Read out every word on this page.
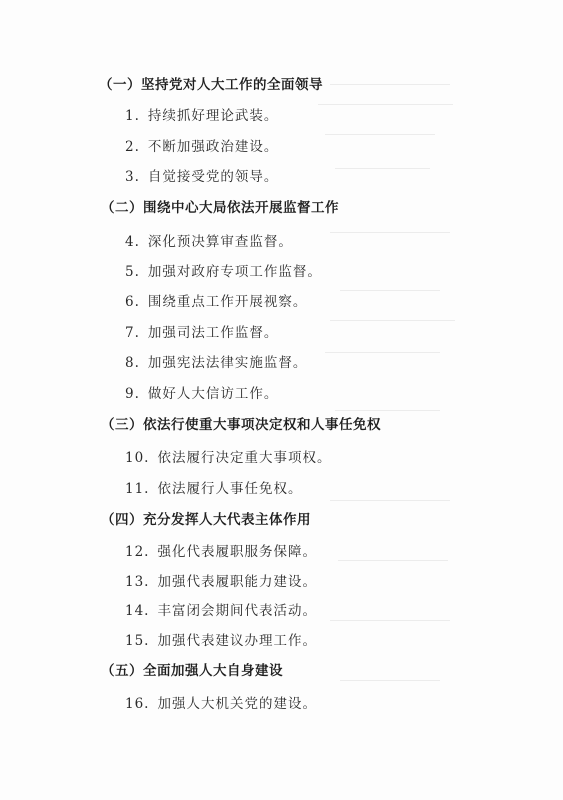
（一）坚持党对人大工作的全面领导
1. 持续抓好理论武装。
2. 不断加强政治建设。
3. 自觉接受党的领导。
（二）围绕中心大局依法开展监督工作
4. 深化预决算审查监督。
5. 加强对政府专项工作监督。
6. 围绕重点工作开展视察。
7. 加强司法工作监督。
8. 加强宪法法律实施监督。
9. 做好人大信访工作。
（三）依法行使重大事项决定权和人事任免权
10. 依法履行决定重大事项权。
11. 依法履行人事任免权。
（四）充分发挥人大代表主体作用
12. 强化代表履职服务保障。
13. 加强代表履职能力建设。
14. 丰富闭会期间代表活动。
15. 加强代表建议办理工作。
（五）全面加强人大自身建设
16. 加强人大机关党的建设。
